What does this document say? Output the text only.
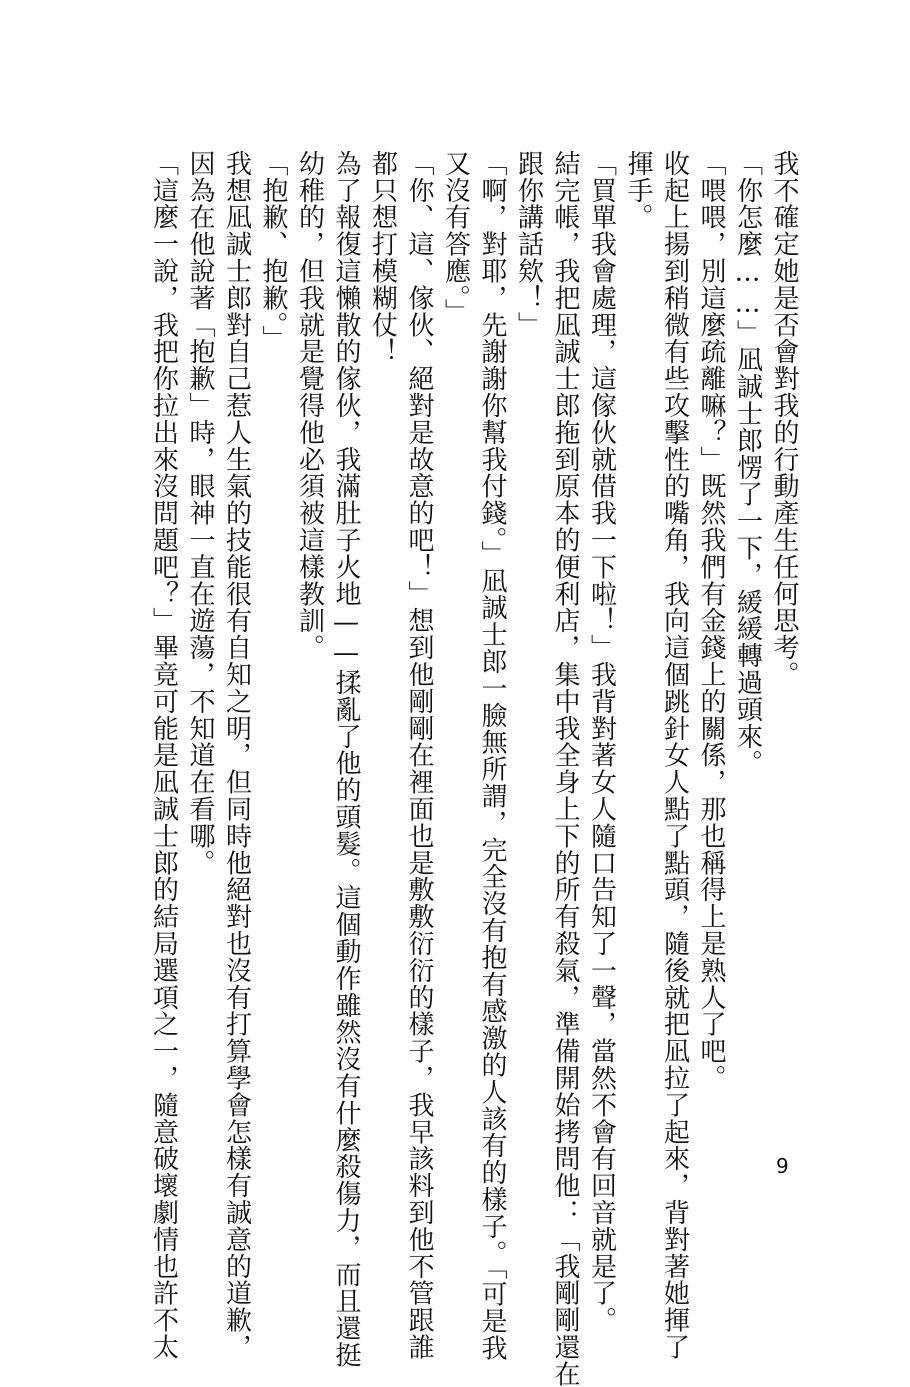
我不確定她是否會對我的行動產生任何思考。
「你怎麼……」凪誠士郎愣了一下，緩緩轉過頭來。
「喂喂，別這麼疏離嘛？」既然我們有金錢上的關係，那也稱得上是熟人了吧。
收起上揚到稍微有些攻擊性的嘴角，我向這個跳針女人點了點頭，隨後就把凪拉了起來，背對著她揮了
揮手。
「買單我會處理，這傢伙就借我一下啦！」我背對著女人隨口告知了一聲，當然不會有回音就是了。
結完帳，我把凪誠士郎拖到原本的便利店，集中我全身上下的所有殺氣，準備開始拷問他：「我剛剛還在
跟你講話欸！」
「啊，對耶，先謝謝你幫我付錢。」凪誠士郎一臉無所謂，完全沒有抱有感激的人該有的樣子。「可是我
又沒有答應。」
「你、這、傢伙、絕對是故意的吧！」想到他剛剛在裡面也是敷敷衍衍的樣子，我早該料到他不管跟誰
都只想打模糊仗！
為了報復這懶散的傢伙，我滿肚子火地——揉亂了他的頭髮。這個動作雖然沒有什麼殺傷力，而且還挺
幼稚的，但我就是覺得他必須被這樣教訓。
「抱歉、抱歉。」
我想凪誠士郎對自己惹人生氣的技能很有自知之明，但同時他絕對也沒有打算學會怎樣有誠意的道歉，
因為在他說著「抱歉」時，眼神一直在遊蕩，不知道在看哪。
「這麼一說，我把你拉出來沒問題吧？」畢竟可能是凪誠士郎的結局選項之一，隨意破壞劇情也許不太	9
